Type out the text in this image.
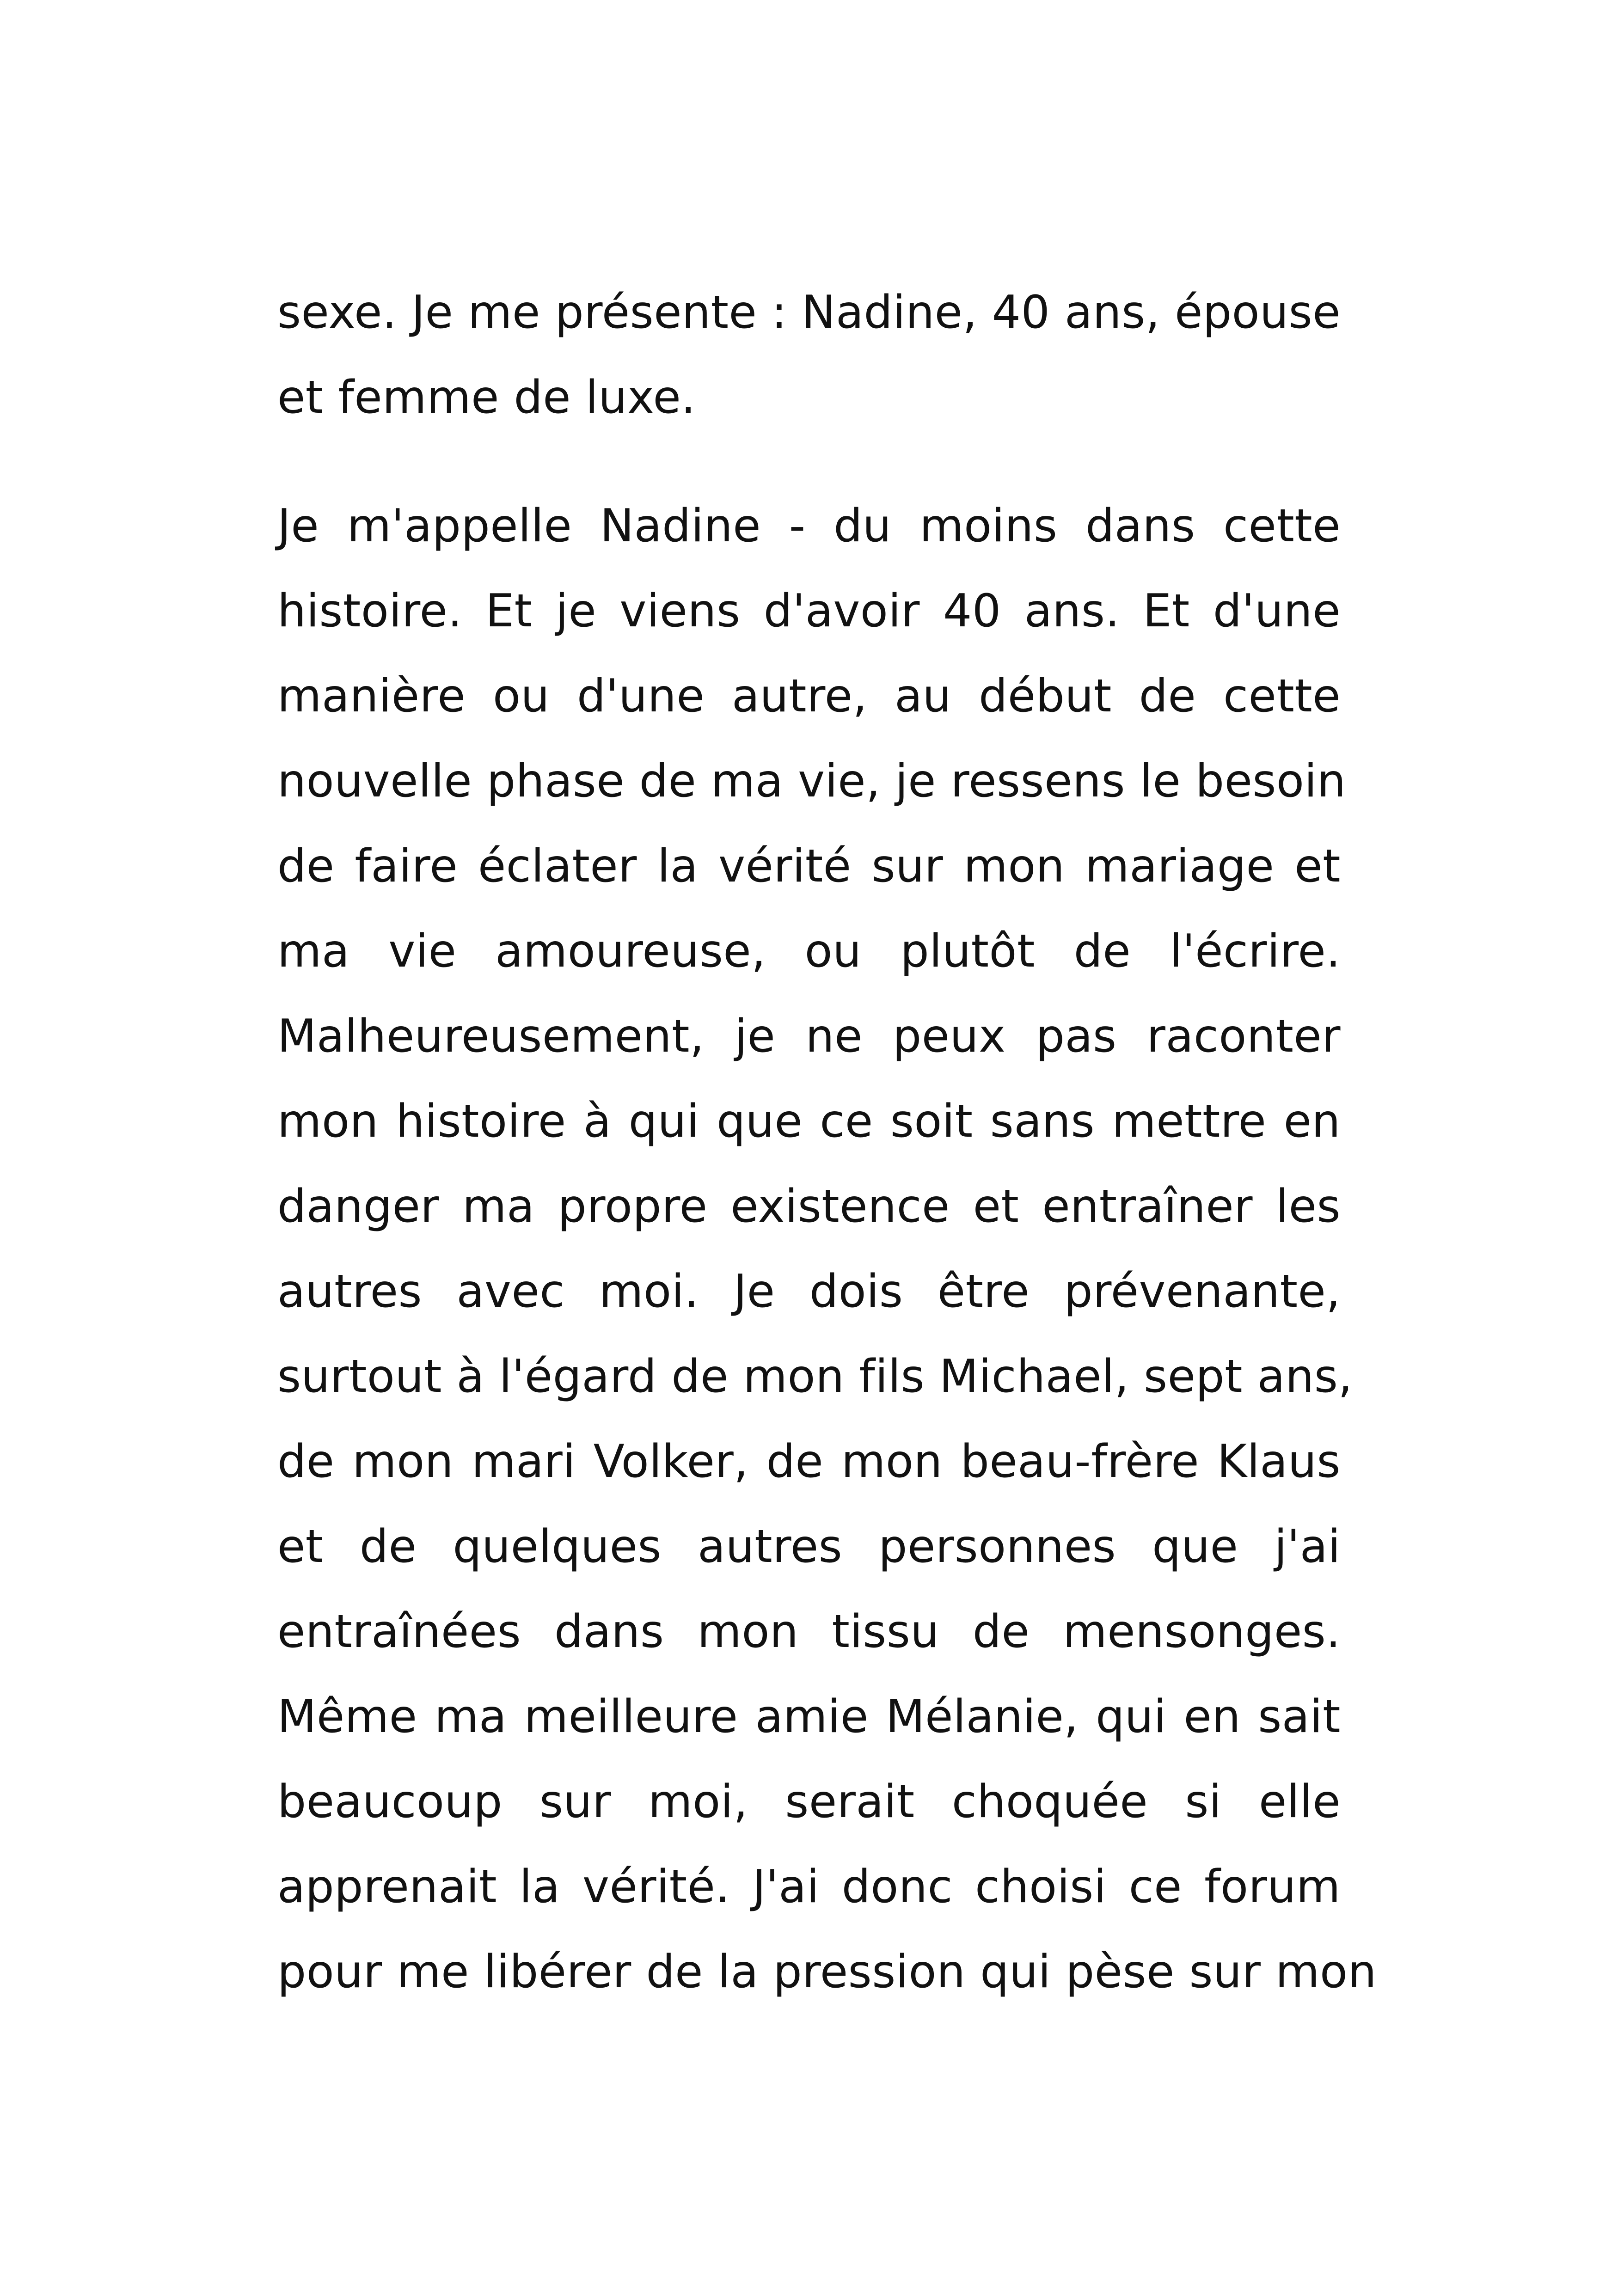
sexe. Je me présente : Nadine, 40 ans, épouse
et femme de luxe.
Je m'appelle Nadine - du moins dans cette
histoire. Et je viens d'avoir 40 ans. Et d'une
manière ou d'une autre, au début de cette
nouvelle phase de ma vie, je ressens le besoin
de faire éclater la vérité sur mon mariage et
ma vie amoureuse, ou plutôt de l'écrire.
Malheureusement, je ne peux pas raconter
mon histoire à qui que ce soit sans mettre en
danger ma propre existence et entraîner les
autres avec moi. Je dois être prévenante,
surtout à l'égard de mon fils Michael, sept ans,
de mon mari Volker, de mon beau-frère Klaus
et de quelques autres personnes que j'ai
entraînées dans mon tissu de mensonges.
Même ma meilleure amie Mélanie, qui en sait
beaucoup sur moi, serait choquée si elle
apprenait la vérité. J'ai donc choisi ce forum
pour me libérer de la pression qui pèse sur mon
